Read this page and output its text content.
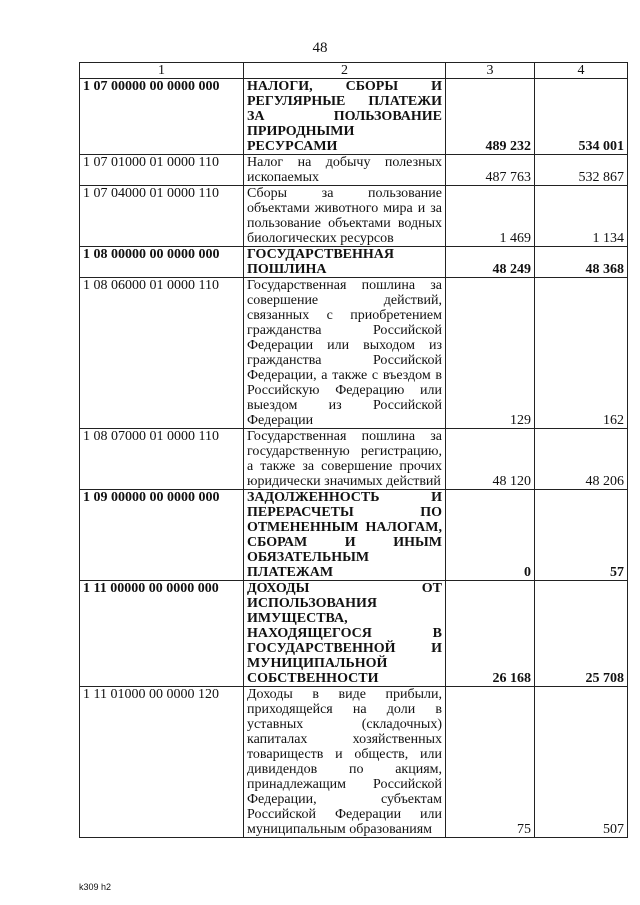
48
1	2	3	4
1 07 00000 00 0000 000	НАЛОГИ, СБОРЫ И РЕГУЛЯРНЫЕ ПЛАТЕЖИ ЗА ПОЛЬЗОВАНИЕ ПРИРОДНЫМИ РЕСУРСАМИ	489 232	534 001
1 07 01000 01 0000 110	Налог на добычу полезных ископаемых	487 763	532 867
1 07 04000 01 0000 110	Сборы за пользование объектами животного мира и за пользование объектами водных биологических ресурсов	1 469	1 134
1 08 00000 00 0000 000	ГОСУДАРСТВЕННАЯ ПОШЛИНА	48 249	48 368
1 08 06000 01 0000 110	Государственная пошлина за совершение действий, связанных с приобретением гражданства Российской Федерации или выходом из гражданства Российской Федерации, а также с въездом в Российскую Федерацию или выездом из Российской Федерации	129	162
1 08 07000 01 0000 110	Государственная пошлина за государственную регистрацию, а также за совершение прочих юридически значимых действий	48 120	48 206
1 09 00000 00 0000 000	ЗАДОЛЖЕННОСТЬ И ПЕРЕРАСЧЕТЫ ПО ОТМЕНЕННЫМ НАЛОГАМ, СБОРАМ И ИНЫМ ОБЯЗАТЕЛЬНЫМ ПЛАТЕЖАМ	0	57
1 11 00000 00 0000 000	ДОХОДЫ ОТ ИСПОЛЬЗОВАНИЯ ИМУЩЕСТВА, НАХОДЯЩЕГОСЯ В ГОСУДАРСТВЕННОЙ И МУНИЦИПАЛЬНОЙ СОБСТВЕННОСТИ	26 168	25 708
1 11 01000 00 0000 120	Доходы в виде прибыли, приходящейся на доли в уставных (складочных) капиталах хозяйственных товариществ и обществ, или дивидендов по акциям, принадлежащим Российской Федерации, субъектам Российской Федерации или муниципальным образованиям	75	507
k309 h2
